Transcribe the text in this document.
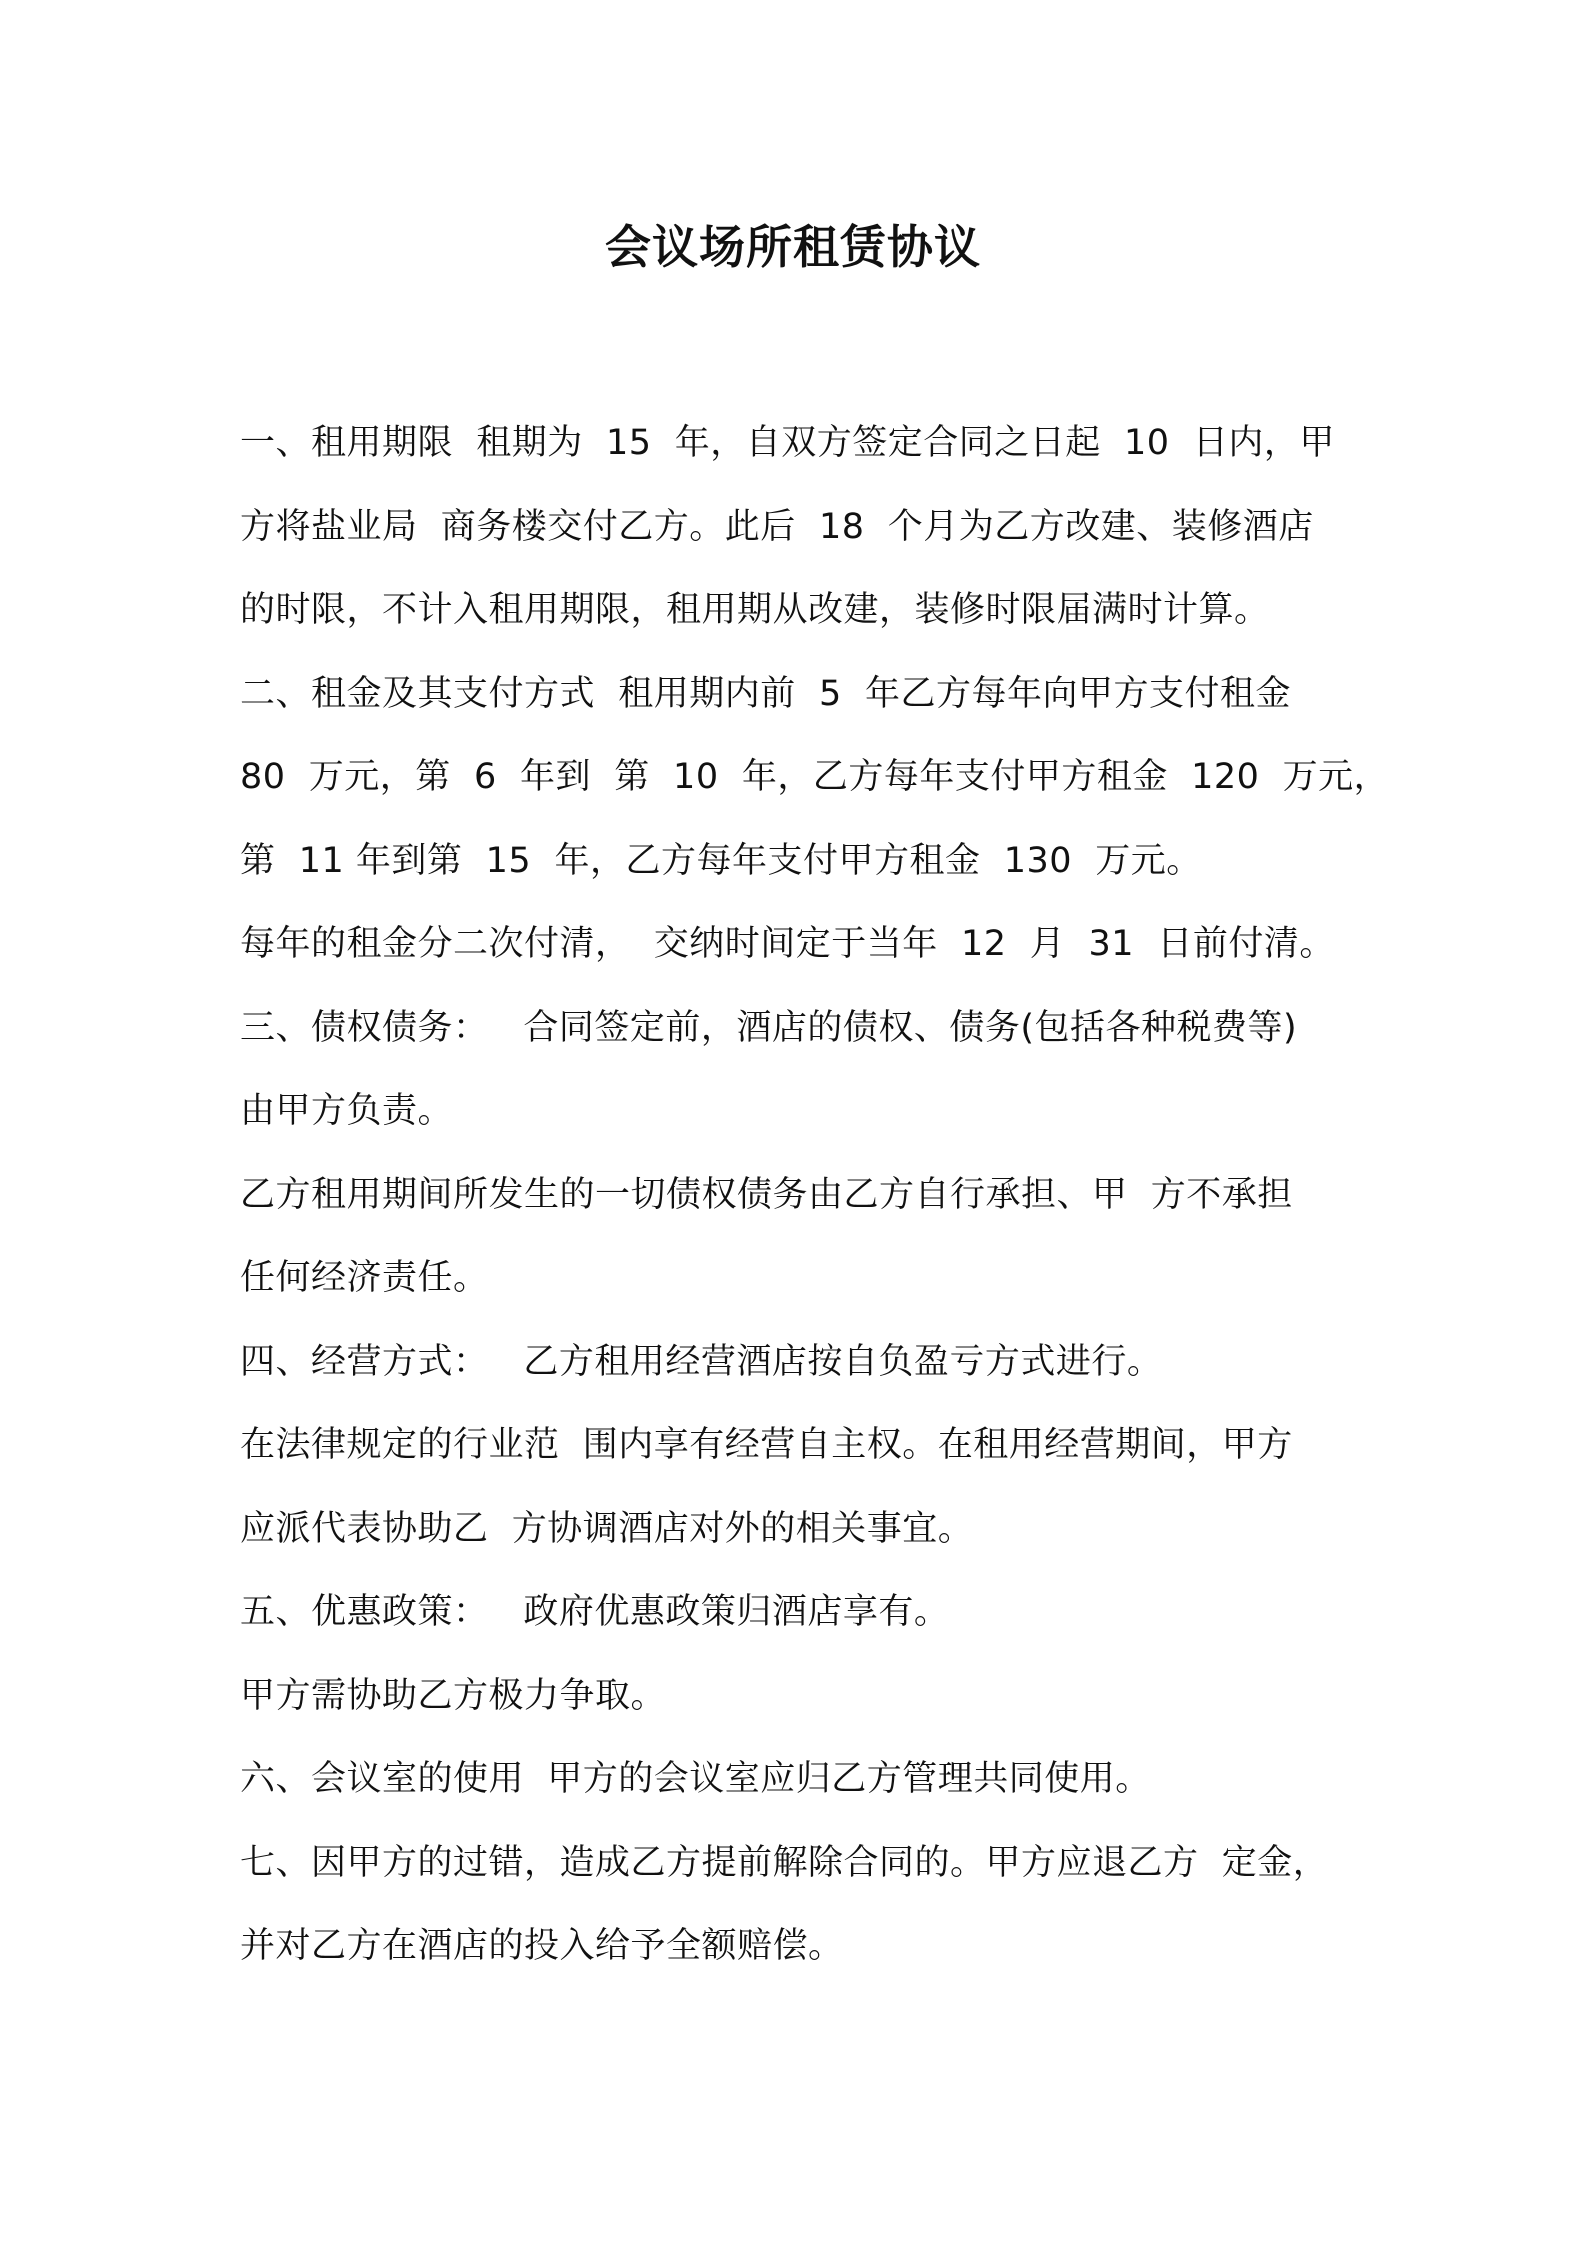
会议场所租赁协议
一、租用期限  租期为  15  年，自双方签定合同之日起  10  日内，甲
方将盐业局  商务楼交付乙方。此后  18  个月为乙方改建、装修酒店
的时限，不计入租用期限，租用期从改建，装修时限届满时计算。
二、租金及其支付方式  租用期内前  5  年乙方每年向甲方支付租金
80  万元，第  6  年到  第  10  年，乙方每年支付甲方租金  120  万元，
第  11 年到第  15  年，乙方每年支付甲方租金  130  万元。
每年的租金分二次付清，  交纳时间定于当年  12  月  31  日前付清。
三、债权债务：   合同签定前，酒店的债权、债务(包括各种税费等)
由甲方负责。
乙方租用期间所发生的一切债权债务由乙方自行承担、甲  方不承担
任何经济责任。
四、经营方式：   乙方租用经营酒店按自负盈亏方式进行。
在法律规定的行业范  围内享有经营自主权。在租用经营期间，甲方
应派代表协助乙  方协调酒店对外的相关事宜。
五、优惠政策：   政府优惠政策归酒店享有。
甲方需协助乙方极力争取。
六、会议室的使用  甲方的会议室应归乙方管理共同使用。
七、因甲方的过错，造成乙方提前解除合同的。甲方应退乙方  定金，
并对乙方在酒店的投入给予全额赔偿。
